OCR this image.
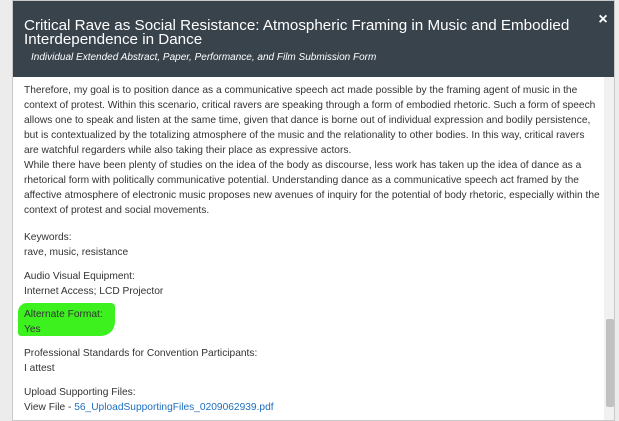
Critical Rave as Social Resistance: Atmospheric Framing in Music and Embodied Interdependence in Dance
Individual Extended Abstract, Paper, Performance, and Film Submission Form
×

Therefore, my goal is to position dance as a communicative speech act made possible by the framing agent of music in the context of protest. Within this scenario, critical ravers are speaking through a form of embodied rhetoric. Such a form of speech allows one to speak and listen at the same time, given that dance is borne out of individual expression and bodily persistence, but is contextualized by the totalizing atmosphere of the music and the relationality to other bodies. In this way, critical ravers are watchful regarders while also taking their place as expressive actors.

While there have been plenty of studies on the idea of the body as discourse, less work has taken up the idea of dance as a rhetorical form with politically communicative potential. Understanding dance as a communicative speech act framed by the affective atmosphere of electronic music proposes new avenues of inquiry for the potential of body rhetoric, especially within the context of protest and social movements.

Keywords:
rave, music, resistance
Audio Visual Equipment:
Internet Access; LCD Projector
Alternate Format:
Yes
Professional Standards for Convention Participants:
I attest
Upload Supporting Files:
View File - 56_UploadSupportingFiles_0209062939.pdf
